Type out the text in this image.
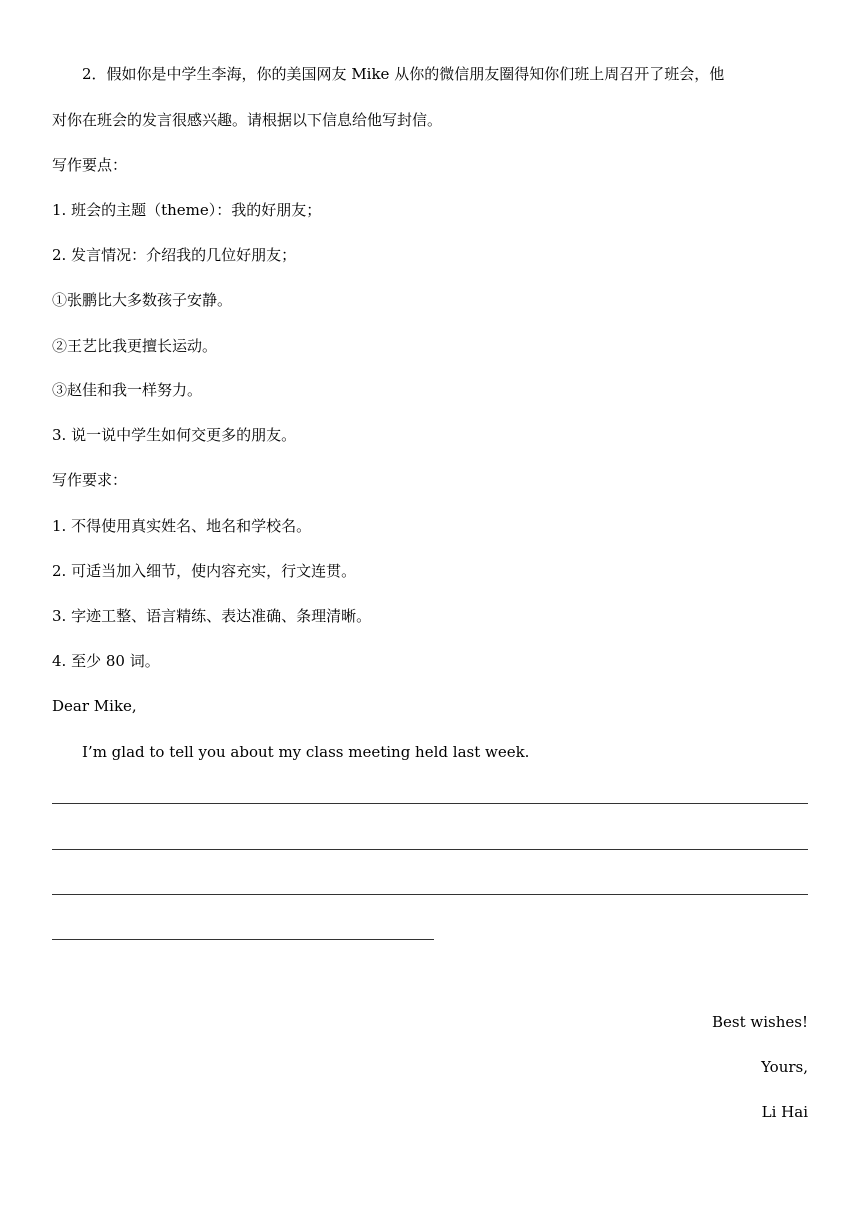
2．假如你是中学生李海，你的美国网友 Mike 从你的微信朋友圈得知你们班上周召开了班会，他
对你在班会的发言很感兴趣。请根据以下信息给他写封信。
写作要点：
1. 班会的主题（theme）：我的好朋友；
2. 发言情况：介绍我的几位好朋友；
①张鹏比大多数孩子安静。
②王艺比我更擅长运动。
③赵佳和我一样努力。
3. 说一说中学生如何交更多的朋友。
写作要求：
1. 不得使用真实姓名、地名和学校名。
2. 可适当加入细节，使内容充实，行文连贯。
3. 字迹工整、语言精练、表达准确、条理清晰。
4. 至少 80 词。
Dear Mike,
I’m glad to tell you about my class meeting held last week.
Best wishes!
Yours,
Li Hai
